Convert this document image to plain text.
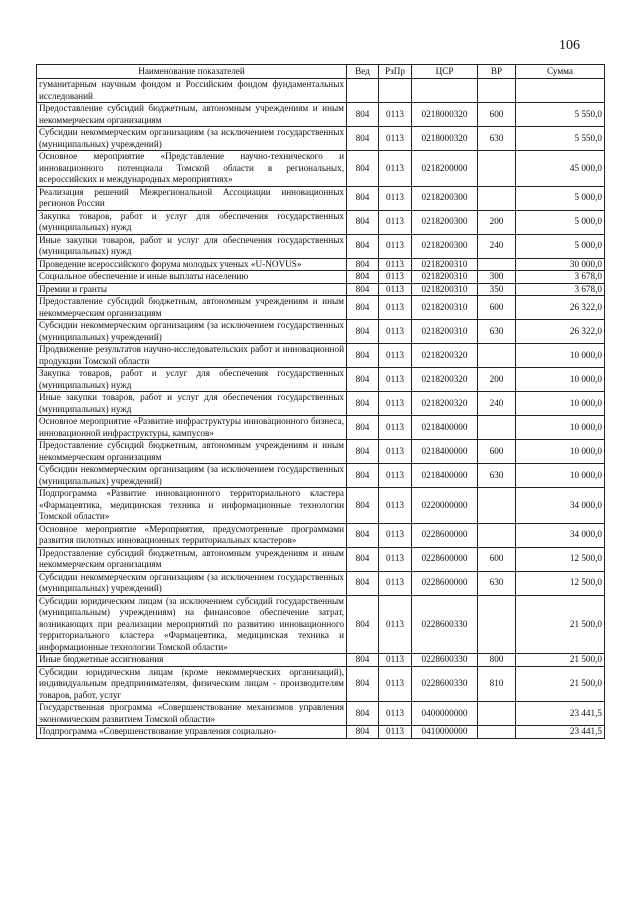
106
Наименование показателей	Вед	РзПр	ЦСР	ВР	Сумма
гуманитарным научным фондом и Российским фондом фундаментальных исследований					
Предоставление субсидий бюджетным, автономным учреждениям и иным некоммерческим организациям	804	0113	0218000320	600	5 550,0
Субсидии некоммерческим организациям (за исключением государственных (муниципальных) учреждений)	804	0113	0218000320	630	5 550,0
Основное мероприятие «Представление научно-технического и инновационного потенциала Томской области в региональных, всероссийских и международных мероприятиях»	804	0113	0218200000		45 000,0
Реализация решений Межрегиональной Ассоциации инновационных регионов России	804	0113	0218200300		5 000,0
Закупка товаров, работ и услуг для обеспечения государственных (муниципальных) нужд	804	0113	0218200300	200	5 000,0
Иные закупки товаров, работ и услуг для обеспечения государственных (муниципальных) нужд	804	0113	0218200300	240	5 000,0
Проведение всероссийского форума молодых ученых «U-NOVUS»	804	0113	0218200310		30 000,0
Социальное обеспечение и иные выплаты населению	804	0113	0218200310	300	3 678,0
Премии и гранты	804	0113	0218200310	350	3 678,0
Предоставление субсидий бюджетным, автономным учреждениям и иным некоммерческим организациям	804	0113	0218200310	600	26 322,0
Субсидии некоммерческим организациям (за исключением государственных (муниципальных) учреждений)	804	0113	0218200310	630	26 322,0
Продвижение результатов научно-исследовательских работ и инновационной продукции Томской области	804	0113	0218200320		10 000,0
Закупка товаров, работ и услуг для обеспечения государственных (муниципальных) нужд	804	0113	0218200320	200	10 000,0
Иные закупки товаров, работ и услуг для обеспечения государственных (муниципальных) нужд	804	0113	0218200320	240	10 000,0
Основное мероприятие «Развитие инфраструктуры инновационного бизнеса, инновационной инфраструктуры, кампусов»	804	0113	0218400000		10 000,0
Предоставление субсидий бюджетным, автономным учреждениям и иным некоммерческим организациям	804	0113	0218400000	600	10 000,0
Субсидии некоммерческим организациям (за исключением государственных (муниципальных) учреждений)	804	0113	0218400000	630	10 000,0
Подпрограмма «Развитие инновационного территориального кластера «Фармацевтика, медицинская техника и информационные технологии Томской области»	804	0113	0220000000		34 000,0
Основное мероприятие «Мероприятия, предусмотренные программами развития пилотных инновационных территориальных кластеров»	804	0113	0228600000		34 000,0
Предоставление субсидий бюджетным, автономным учреждениям и иным некоммерческим организациям	804	0113	0228600000	600	12 500,0
Субсидии некоммерческим организациям (за исключением государственных (муниципальных) учреждений)	804	0113	0228600000	630	12 500,0
Субсидии юридическим лицам (за исключением субсидий государственным (муниципальным) учреждениям) на финансовое обеспечение затрат, возникающих при реализации мероприятий по развитию инновационного территориального кластера «Фармацевтика, медицинская техника и информационные технологии Томской области»	804	0113	0228600330		21 500,0
Иные бюджетные ассигнования	804	0113	0228600330	800	21 500,0
Субсидии юридическим лицам (кроме некоммерческих организаций), индивидуальным предпринимателям, физическим лицам - производителям товаров, работ, услуг	804	0113	0228600330	810	21 500,0
Государственная программа «Совершенствование механизмов управления экономическим развитием Томской области»	804	0113	0400000000		23 441,5
Подпрограмма «Совершенствование управления социально-	804	0113	0410000000		23 441,5
